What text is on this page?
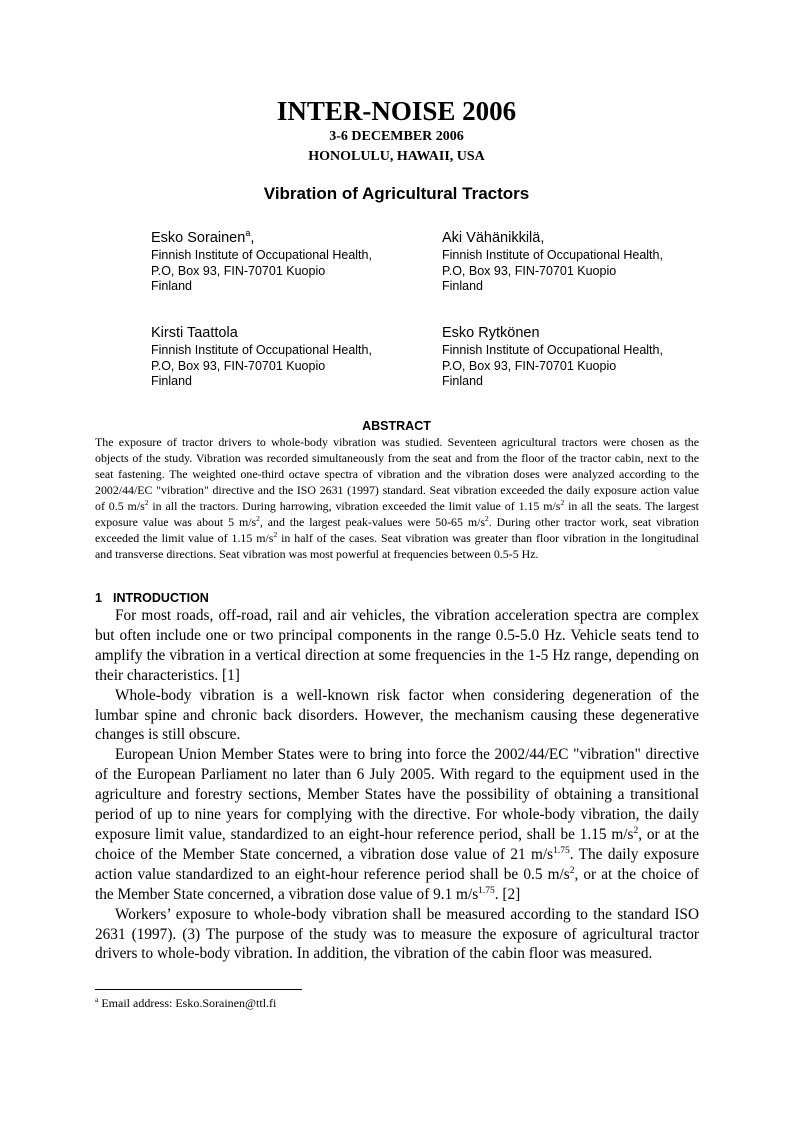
INTER-NOISE 2006
3-6 DECEMBER 2006
HONOLULU, HAWAII, USA
Vibration of Agricultural Tractors
Esko Sorainen$^a$,
Finnish Institute of Occupational Health,
P.O, Box 93, FIN-70701 Kuopio
Finland
Aki Vähänikkilä,
Finnish Institute of Occupational Health,
P.O, Box 93, FIN-70701 Kuopio
Finland
Kirsti Taattola
Finnish Institute of Occupational Health,
P.O, Box 93, FIN-70701 Kuopio
Finland
Esko Rytkönen
Finnish Institute of Occupational Health,
P.O, Box 93, FIN-70701 Kuopio
Finland
ABSTRACT
The exposure of tractor drivers to whole-body vibration was studied. Seventeen agricultural tractors were chosen as the objects of the study. Vibration was recorded simultaneously from the seat and from the floor of the tractor cabin, next to the seat fastening. The weighted one-third octave spectra of vibration and the vibration doses were analyzed according to the 2002/44/EC "vibration" directive and the ISO 2631 (1997) standard. Seat vibration exceeded the daily exposure action value of 0.5 $m/s^2$ in all the tractors. During harrowing, vibration exceeded the limit value of 1.15 $m/s^2$ in all the seats. The largest exposure value was about 5 $m/s^2$, and the largest peak-values were 50-65 $m/s^2$. During other tractor work, seat vibration exceeded the limit value of 1.15 $m/s^2$ in half of the cases. Seat vibration was greater than floor vibration in the longitudinal and transverse directions. Seat vibration was most powerful at frequencies between 0.5-5 Hz.
1 INTRODUCTION

For most roads, off-road, rail and air vehicles, the vibration acceleration spectra are complex but often include one or two principal components in the range 0.5-5.0 Hz. Vehicle seats tend to amplify the vibration in a vertical direction at some frequencies in the 1-5 Hz range, depending on their characteristics. [1]

Whole-body vibration is a well-known risk factor when considering degeneration of the lumbar spine and chronic back disorders. However, the mechanism causing these degenerative changes is still obscure.

European Union Member States were to bring into force the 2002/44/EC "vibration" directive of the European Parliament no later than 6 July 2005. With regard to the equipment used in the agriculture and forestry sections, Member States have the possibility of obtaining a transitional period of up to nine years for complying with the directive. For whole-body vibration, the daily exposure limit value, standardized to an eight-hour reference period, shall be 1.15 $m/s^2$, or at the choice of the Member State concerned, a vibration dose value of 21 $m/s^{1.75}$. The daily exposure action value standardized to an eight-hour reference period shall be 0.5 $m/s^2$, or at the choice of the Member State concerned, a vibration dose value of 9.1 $m/s^{1.75}$. [2]

Workers’ exposure to whole-body vibration shall be measured according to the standard ISO 2631 (1997). (3) The purpose of the study was to measure the exposure of agricultural tractor drivers to whole-body vibration. In addition, the vibration of the cabin floor was measured.

$^a$ Email address: Esko.Sorainen@ttl.fi
